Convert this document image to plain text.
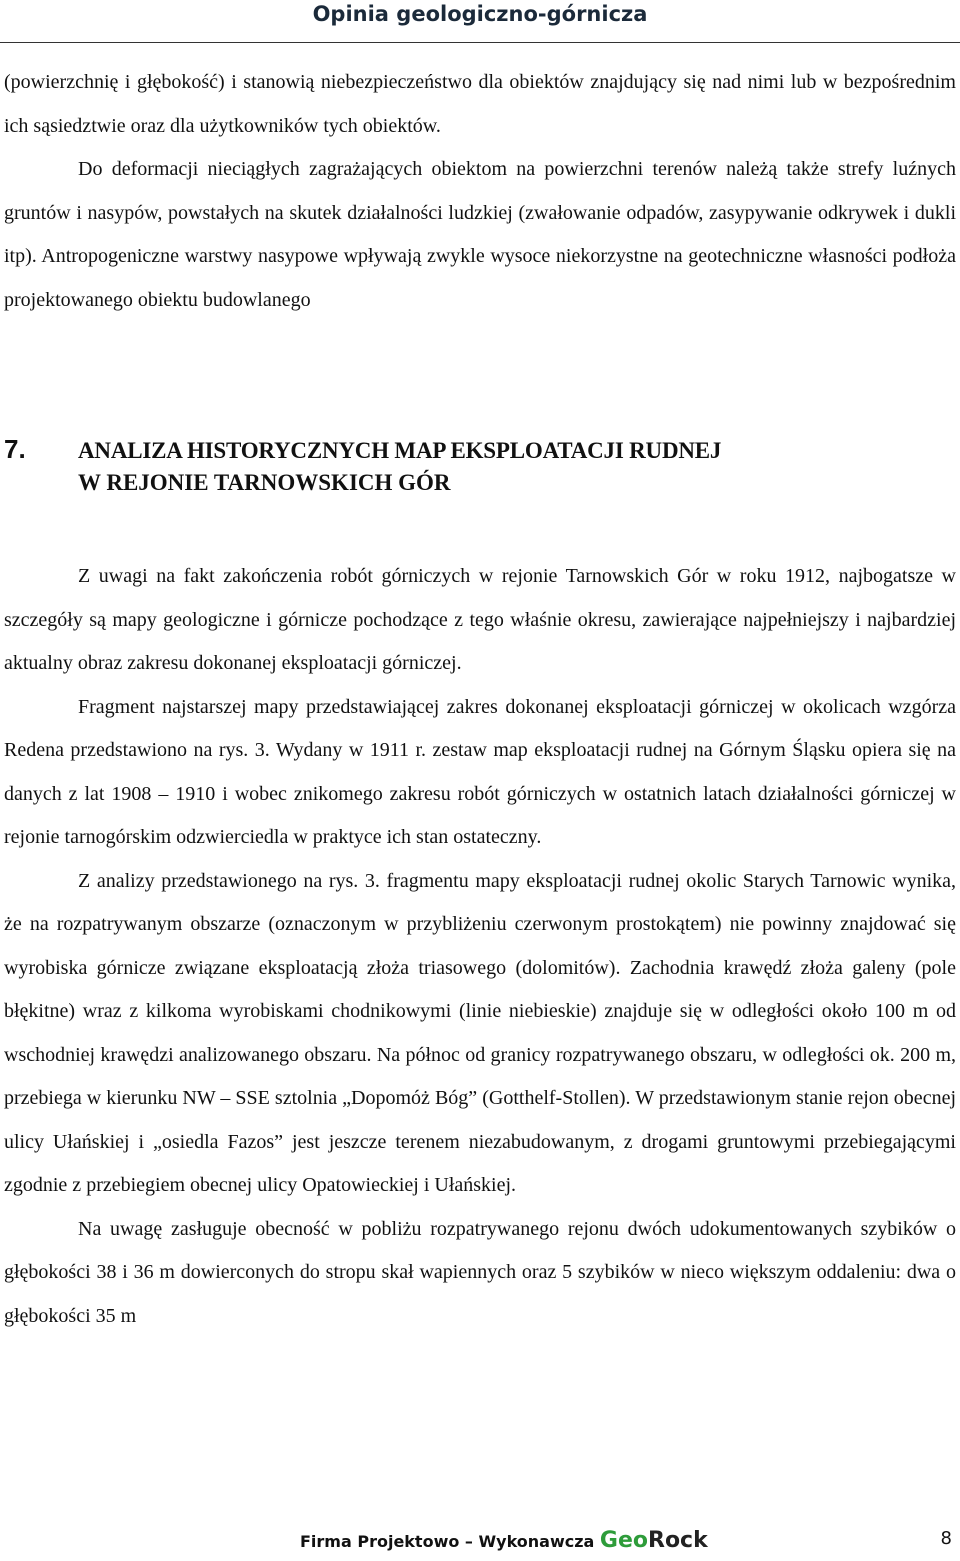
Opinia geologiczno-górnicza

(powierzchnię i głębokość) i stanowią niebezpieczeństwo dla obiektów znajdujący się nad nimi lub w bezpośrednim ich sąsiedztwie oraz dla użytkowników tych obiektów.

Do deformacji nieciągłych zagrażających obiektom na powierzchni terenów należą także strefy luźnych gruntów i nasypów, powstałych na skutek działalności ludzkiej (zwałowanie odpadów, zasypywanie odkrywek i dukli itp). Antropogeniczne warstwy nasypowe wpływają zwykle wysoce niekorzystne na geotechniczne własności podłoża projektowanego obiektu budowlanego

7.	ANALIZA HISTORYCZNYCH MAP EKSPLOATACJI RUDNEJ
W REJONIE TARNOWSKICH GÓR

Z uwagi na fakt zakończenia robót górniczych w rejonie Tarnowskich Gór w roku 1912, najbogatsze w szczegóły są mapy geologiczne i górnicze pochodzące z tego właśnie okresu, zawierające najpełniejszy i najbardziej aktualny obraz zakresu dokonanej eksploatacji górniczej.

Fragment najstarszej mapy przedstawiającej zakres dokonanej eksploatacji górniczej w okolicach wzgórza Redena przedstawiono na rys. 3. Wydany w 1911 r. zestaw map eksploatacji rudnej na Górnym Śląsku opiera się na danych z lat 1908 – 1910 i wobec znikomego zakresu robót górniczych w ostatnich latach działalności górniczej w rejonie tarnogórskim odzwierciedla w praktyce ich stan ostateczny.

Z analizy przedstawionego na rys. 3. fragmentu mapy eksploatacji rudnej okolic Starych Tarnowic wynika, że na rozpatrywanym obszarze (oznaczonym w przybliżeniu czerwonym prostokątem) nie powinny znajdować się wyrobiska górnicze związane eksploatacją złoża triasowego (dolomitów). Zachodnia krawędź złoża galeny (pole błękitne) wraz z kilkoma wyrobiskami chodnikowymi (linie niebieskie) znajduje się w odległości około 100 m od wschodniej krawędzi analizowanego obszaru. Na północ od granicy rozpatrywanego obszaru, w odległości ok. 200 m, przebiega w kierunku NW – SSE sztolnia „Dopomóż Bóg” (Gotthelf-Stollen). W przedstawionym stanie rejon obecnej ulicy Ułańskiej i „osiedla Fazos” jest jeszcze terenem niezabudowanym, z drogami gruntowymi przebiegającymi zgodnie z przebiegiem obecnej ulicy Opatowieckiej i Ułańskiej.

Na uwagę zasługuje obecność w pobliżu rozpatrywanego rejonu dwóch udokumentowanych szybików o głębokości 38 i 36 m dowierconych do stropu skał wapiennych oraz 5 szybików w nieco większym oddaleniu: dwa o głębokości 35 m

Firma Projektowo – Wykonawcza GeoRock	8
